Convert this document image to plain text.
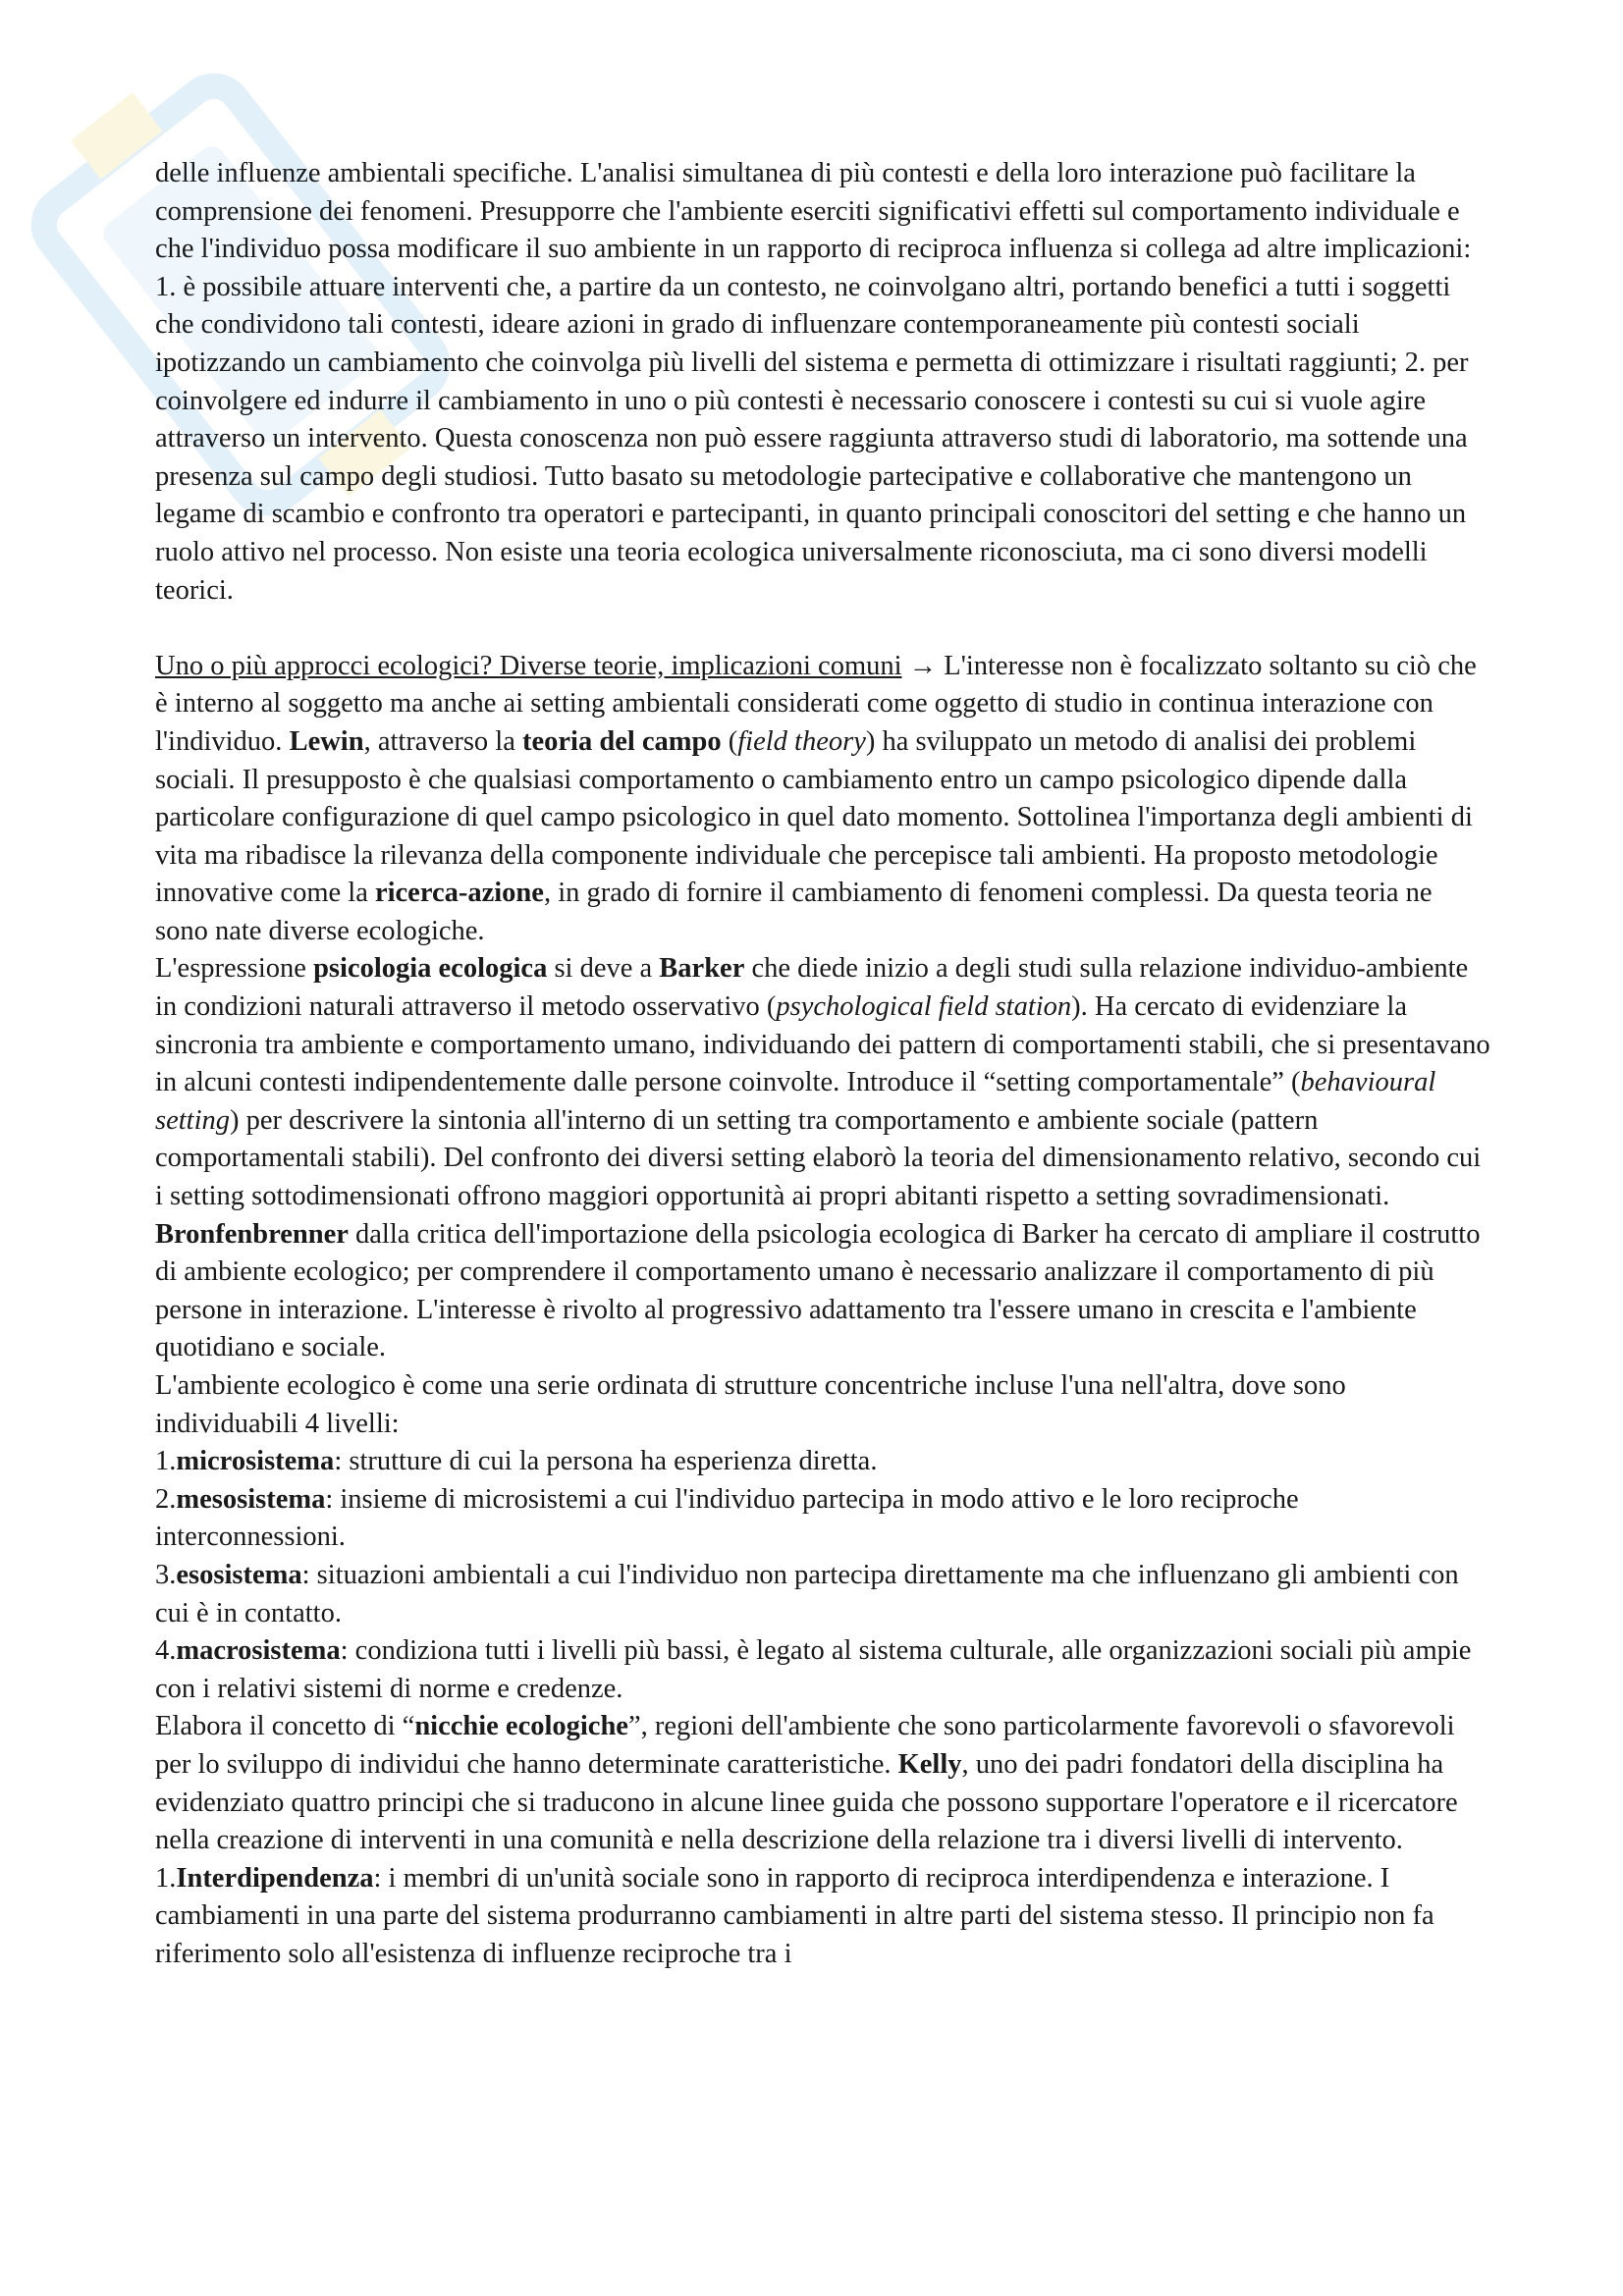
delle influenze ambientali specifiche. L'analisi simultanea di più contesti e della loro interazione può facilitare la comprensione dei fenomeni. Presupporre che l'ambiente eserciti significativi effetti sul comportamento individuale e che l'individuo possa modificare il suo ambiente in un rapporto di reciproca influenza si collega ad altre implicazioni: 1. è possibile attuare interventi che, a partire da un contesto, ne coinvolgano altri, portando benefici a tutti i soggetti che condividono tali contesti, ideare azioni in grado di influenzare contemporaneamente più contesti sociali ipotizzando un cambiamento che coinvolga più livelli del sistema e permetta di ottimizzare i risultati raggiunti; 2. per coinvolgere ed indurre il cambiamento in uno o più contesti è necessario conoscere i contesti su cui si vuole agire attraverso un intervento. Questa conoscenza non può essere raggiunta attraverso studi di laboratorio, ma sottende una presenza sul campo degli studiosi. Tutto basato su metodologie partecipative e collaborative che mantengono un legame di scambio e confronto tra operatori e partecipanti, in quanto principali conoscitori del setting e che hanno un ruolo attivo nel processo. Non esiste una teoria ecologica universalmente riconosciuta, ma ci sono diversi modelli teorici.

Uno o più approcci ecologici? Diverse teorie, implicazioni comuni → L'interesse non è focalizzato soltanto su ciò che è interno al soggetto ma anche ai setting ambientali considerati come oggetto di studio in continua interazione con l'individuo. Lewin, attraverso la teoria del campo (field theory) ha sviluppato un metodo di analisi dei problemi sociali. Il presupposto è che qualsiasi comportamento o cambiamento entro un campo psicologico dipende dalla particolare configurazione di quel campo psicologico in quel dato momento. Sottolinea l'importanza degli ambienti di vita ma ribadisce la rilevanza della componente individuale che percepisce tali ambienti. Ha proposto metodologie innovative come la ricerca-azione, in grado di fornire il cambiamento di fenomeni complessi. Da questa teoria ne sono nate diverse ecologiche.

L'espressione psicologia ecologica si deve a Barker che diede inizio a degli studi sulla relazione individuo-ambiente in condizioni naturali attraverso il metodo osservativo (psychological field station). Ha cercato di evidenziare la sincronia tra ambiente e comportamento umano, individuando dei pattern di comportamenti stabili, che si presentavano in alcuni contesti indipendentemente dalle persone coinvolte. Introduce il “setting comportamentale” (behavioural setting) per descrivere la sintonia all'interno di un setting tra comportamento e ambiente sociale (pattern comportamentali stabili). Del confronto dei diversi setting elaborò la teoria del dimensionamento relativo, secondo cui i setting sottodimensionati offrono maggiori opportunità ai propri abitanti rispetto a setting sovradimensionati. Bronfenbrenner dalla critica dell'importazione della psicologia ecologica di Barker ha cercato di ampliare il costrutto di ambiente ecologico; per comprendere il comportamento umano è necessario analizzare il comportamento di più persone in interazione. L'interesse è rivolto al progressivo adattamento tra l'essere umano in crescita e l'ambiente quotidiano e sociale.

L'ambiente ecologico è come una serie ordinata di strutture concentriche incluse l'una nell'altra, dove sono individuabili 4 livelli:

1.microsistema: strutture di cui la persona ha esperienza diretta.

2.mesosistema: insieme di microsistemi a cui l'individuo partecipa in modo attivo e le loro reciproche interconnessioni.

3.esosistema: situazioni ambientali a cui l'individuo non partecipa direttamente ma che influenzano gli ambienti con cui è in contatto.

4.macrosistema: condiziona tutti i livelli più bassi, è legato al sistema culturale, alle organizzazioni sociali più ampie con i relativi sistemi di norme e credenze.

Elabora il concetto di “nicchie ecologiche”, regioni dell'ambiente che sono particolarmente favorevoli o sfavorevoli per lo sviluppo di individui che hanno determinate caratteristiche. Kelly, uno dei padri fondatori della disciplina ha evidenziato quattro principi che si traducono in alcune linee guida che possono supportare l'operatore e il ricercatore nella creazione di interventi in una comunità e nella descrizione della relazione tra i diversi livelli di intervento.

1.Interdipendenza: i membri di un'unità sociale sono in rapporto di reciproca interdipendenza e interazione. I cambiamenti in una parte del sistema produrranno cambiamenti in altre parti del sistema stesso. Il principio non fa riferimento solo all'esistenza di influenze reciproche tra i
